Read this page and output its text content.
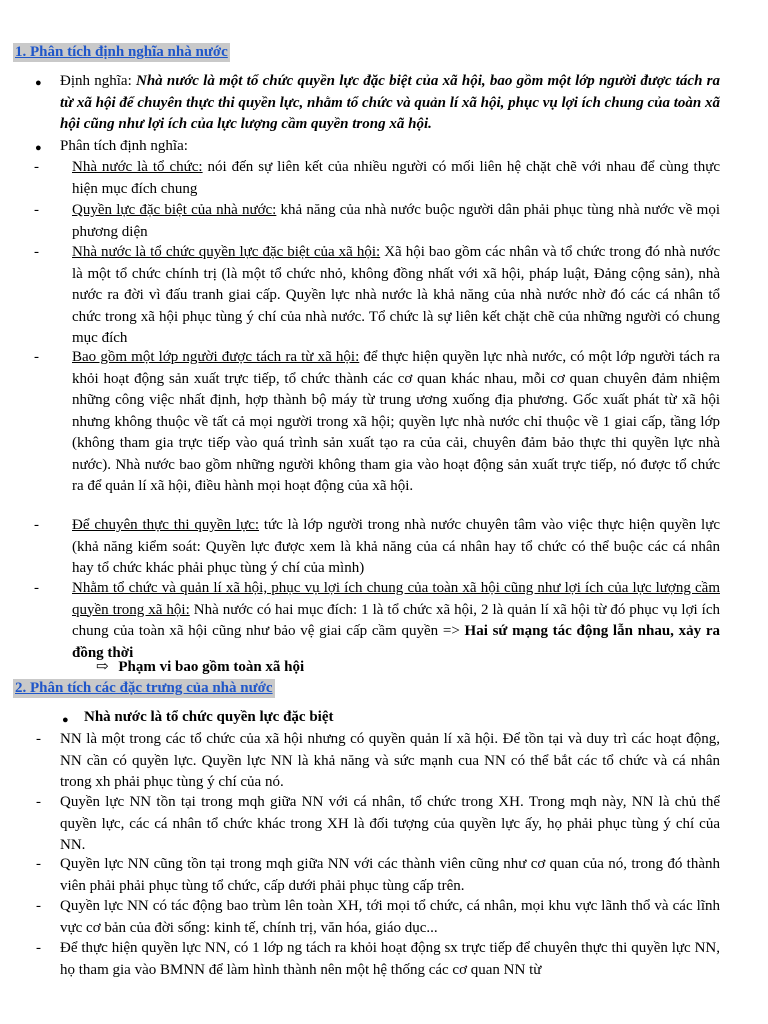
1. Phân tích định nghĩa nhà nước
● Định nghĩa: Nhà nước là một tổ chức quyền lực đặc biệt của xã hội, bao gồm một lớp người được tách ra từ xã hội để chuyên thực thi quyền lực, nhằm tổ chức và quản lí xã hội, phục vụ lợi ích chung của toàn xã hội cũng như lợi ích của lực lượng cầm quyền trong xã hội.
● Phân tích định nghĩa:
- Nhà nước là tổ chức: nói đến sự liên kết của nhiều người có mối liên hệ chặt chẽ với nhau để cùng thực hiện mục đích chung
- Quyền lực đặc biệt của nhà nước: khả năng của nhà nước buộc người dân phải phục tùng nhà nước về mọi phương diện
- Nhà nước là tổ chức quyền lực đặc biệt của xã hội: Xã hội bao gồm các nhân và tổ chức trong đó nhà nước là một tổ chức chính trị (là một tổ chức nhỏ, không đồng nhất với xã hội, pháp luật, Đảng cộng sản), nhà nước ra đời vì đấu tranh giai cấp. Quyền lực nhà nước là khả năng của nhà nước nhờ đó các cá nhân tổ chức trong xã hội phục tùng ý chí của nhà nước. Tổ chức là sự liên kết chặt chẽ của những người có chung mục đích
- Bao gồm một lớp người được tách ra từ xã hội: để thực hiện quyền lực nhà nước, có một lớp người tách ra khỏi hoạt động sản xuất trực tiếp, tổ chức thành các cơ quan khác nhau, mỗi cơ quan chuyên đảm nhiệm những công việc nhất định, hợp thành bộ máy từ trung ương xuống địa phương. Gốc xuất phát từ xã hội nhưng không thuộc về tất cả mọi người trong xã hội; quyền lực nhà nước chỉ thuộc về 1 giai cấp, tầng lớp (không tham gia trực tiếp vào quá trình sản xuất tạo ra của cải, chuyên đảm bảo thực thi quyền lực nhà nước). Nhà nước bao gồm những người không tham gia vào hoạt động sản xuất trực tiếp, nó được tổ chức ra để quản lí xã hội, điều hành mọi hoạt động của xã hội.
- Để chuyên thực thi quyền lực: tức là lớp người trong nhà nước chuyên tâm vào việc thực hiện quyền lực (khả năng kiểm soát: Quyền lực được xem là khả năng của cá nhân hay tổ chức có thể buộc các cá nhân hay tổ chức khác phải phục tùng ý chí của mình)
- Nhằm tổ chức và quản lí xã hội, phục vụ lợi ích chung của toàn xã hội cũng như lợi ích của lực lượng cầm quyền trong xã hội: Nhà nước có hai mục đích: 1 là tổ chức xã hội, 2 là quản lí xã hội từ đó phục vụ lợi ích chung của toàn xã hội cũng như bảo vệ giai cấp cầm quyền => Hai sứ mạng tác động lẫn nhau, xảy ra đồng thời
⇨ Phạm vi bao gồm toàn xã hội
2. Phân tích các đặc trưng của nhà nước
● Nhà nước là tổ chức quyền lực đặc biệt
- NN là một trong các tổ chức của xã hội nhưng có quyền quản lí xã hội. Để tồn tại và duy trì các hoạt động, NN cần có quyền lực. Quyền lực NN là khả năng và sức mạnh cua NN có thể bắt các tổ chức và cá nhân trong xh phải phục tùng ý chí của nó.
- Quyền lực NN tồn tại trong mqh giữa NN với cá nhân, tổ chức trong XH. Trong mqh này, NN là chủ thể quyền lực, các cá nhân tổ chức khác trong XH là đối tượng của quyền lực ấy, họ phải phục tùng ý chí của NN.
- Quyền lực NN cũng tồn tại trong mqh giữa NN với các thành viên cũng như cơ quan của nó, trong đó thành viên phải phải phục tùng tổ chức, cấp dưới phải phục tùng cấp trên.
- Quyền lực NN có tác động bao trùm lên toàn XH, tới mọi tổ chức, cá nhân, mọi khu vực lãnh thổ và các lĩnh vực cơ bản của đời sống: kinh tế, chính trị, văn hóa, giáo dục...
- Để thực hiện quyền lực NN, có 1 lớp ng tách ra khỏi hoạt động sx trực tiếp để chuyên thực thi quyền lực NN, họ tham gia vào BMNN để làm hình thành nên một hệ thống các cơ quan NN từ
